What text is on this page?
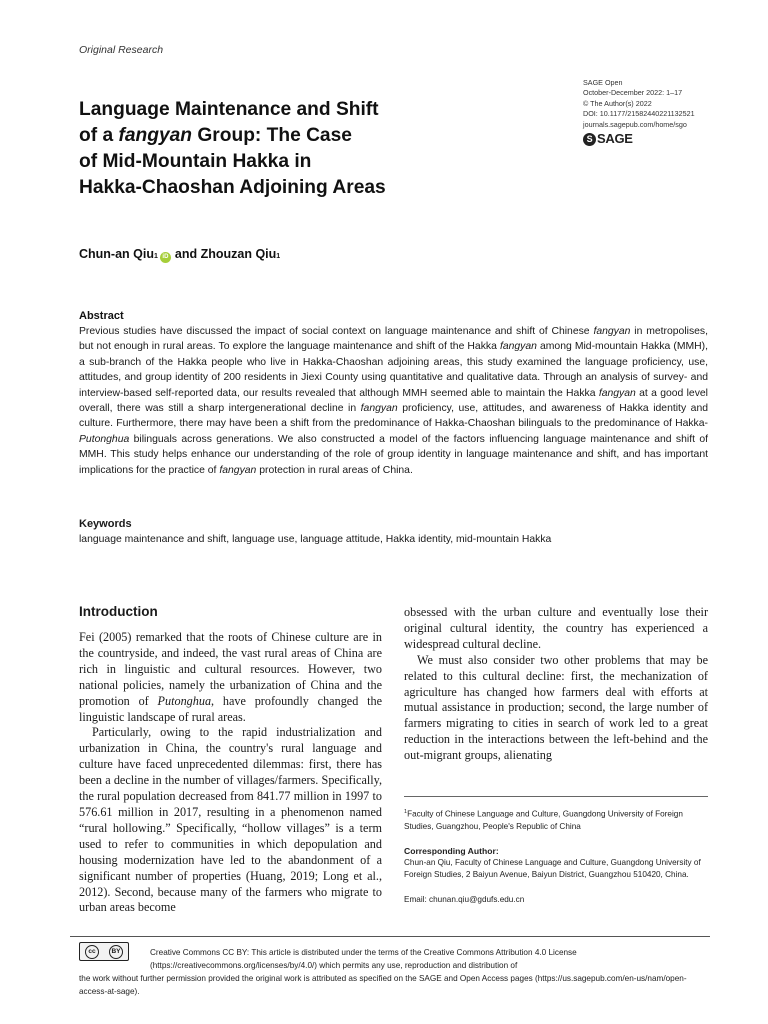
Original Research
SAGE Open
October-December 2022: 1–17
© The Author(s) 2022
DOI: 10.1177/21582440221132521
journals.sagepub.com/home/sgo
S SAGE
Language Maintenance and Shift
of a fangyan Group: The Case
of Mid-Mountain Hakka in
Hakka-Chaoshan Adjoining Areas
Chun-an Qiu$_1$ iD and Zhouzan Qiu$_1$
Abstract

Previous studies have discussed the impact of social context on language maintenance and shift of Chinese fangyan in metropolises, but not enough in rural areas. To explore the language maintenance and shift of the Hakka fangyan among Mid-mountain Hakka (MMH), a sub-branch of the Hakka people who live in Hakka-Chaoshan adjoining areas, this study examined the language proficiency, use, attitudes, and group identity of 200 residents in Jiexi County using quantitative and qualitative data. Through an analysis of survey- and interview-based self-reported data, our results revealed that although MMH seemed able to maintain the Hakka fangyan at a good level overall, there was still a sharp intergenerational decline in fangyan proficiency, use, attitudes, and awareness of Hakka identity and culture. Furthermore, there may have been a shift from the predominance of Hakka-Chaoshan bilinguals to the predominance of Hakka-Putonghua bilinguals across generations. We also constructed a model of the factors influencing language maintenance and shift of MMH. This study helps enhance our understanding of the role of group identity in language maintenance and shift, and has important implications for the practice of fangyan protection in rural areas of China.

Keywords
language maintenance and shift, language use, language attitude, Hakka identity, mid-mountain Hakka
Introduction

Fei (2005) remarked that the roots of Chinese culture are in the countryside, and indeed, the vast rural areas of China are rich in linguistic and cultural resources. However, two national policies, namely the urbanization of China and the promotion of Putonghua, have profoundly changed the linguistic landscape of rural areas.

Particularly, owing to the rapid industrialization and urbanization in China, the country's rural language and culture have faced unprecedented dilemmas: first, there has been a decline in the number of villages/farmers. Specifically, the rural population decreased from 841.77 million in 1997 to 576.61 million in 2017, resulting in a phenomenon named “rural hollowing.” Specifically, “hollow villages” is a term used to refer to communities in which depopulation and housing modernization have led to the abandonment of a significant number of properties (Huang, 2019; Long et al., 2012). Second, because many of the farmers who migrate to urban areas become

obsessed with the urban culture and eventually lose their original cultural identity, the country has experienced a widespread cultural decline.

We must also consider two other problems that may be related to this cultural decline: first, the mechanization of agriculture has changed how farmers deal with efforts at mutual assistance in production; second, the large number of farmers migrating to cities in search of work led to a great reduction in the interactions between the left-behind and the out-migrant groups, alienating

$^1$Faculty of Chinese Language and Culture, Guangdong University of Foreign Studies, Guangzhou, People's Republic of China
Corresponding Author:
Chun-an Qiu, Faculty of Chinese Language and Culture, Guangdong University of Foreign Studies, 2 Baiyun Avenue, Baiyun District, Guangzhou 510420, China.
Email: chunan.qiu@gdufs.edu.cn
cc	BY	Creative Commons CC BY: This article is distributed under the terms of the Creative Commons Attribution 4.0 License (https://creativecommons.org/licenses/by/4.0/) which permits any use, reproduction and distribution of
the work without further permission provided the original work is attributed as specified on the SAGE and Open Access pages (https://us.sagepub.com/en-us/nam/open-access-at-sage).
